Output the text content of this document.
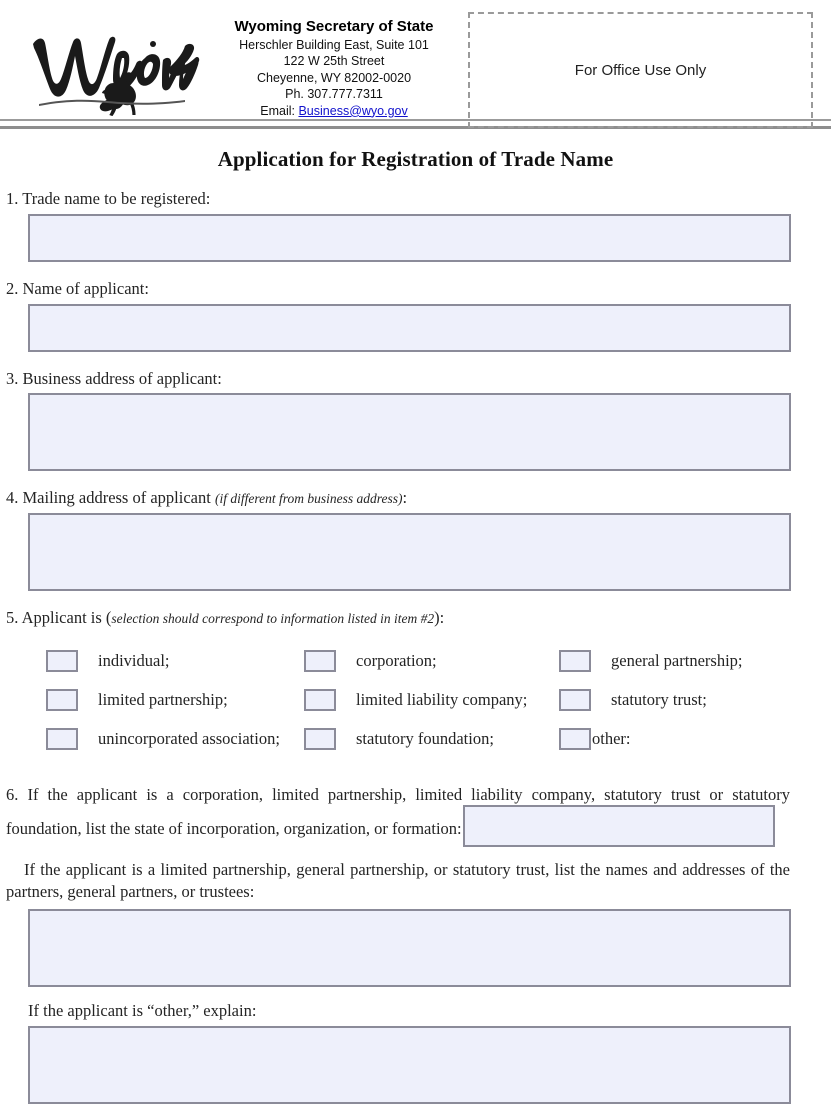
Wyoming Secretary of State
Herschler Building East, Suite 101
122 W 25th Street
Cheyenne, WY 82002-0020
Ph. 307.777.7311
Email: Business@wyo.gov
For Office Use Only
Application for Registration of Trade Name
1. Trade name to be registered:
2. Name of applicant:
3. Business address of applicant:
4. Mailing address of applicant (if different from business address):
5. Applicant is (selection should correspond to information listed in item #2):
individual;	corporation;	general partnership;
limited partnership;	limited liability company;	statutory trust;
unincorporated association;	statutory foundation;	other:
6. If the applicant is a corporation, limited partnership, limited liability company, statutory trust or statutory foundation, list the state of incorporation, organization, or formation:
If the applicant is a limited partnership, general partnership, or statutory trust, list the names and addresses of the partners, general partners, or trustees:
If the applicant is “other,” explain:
